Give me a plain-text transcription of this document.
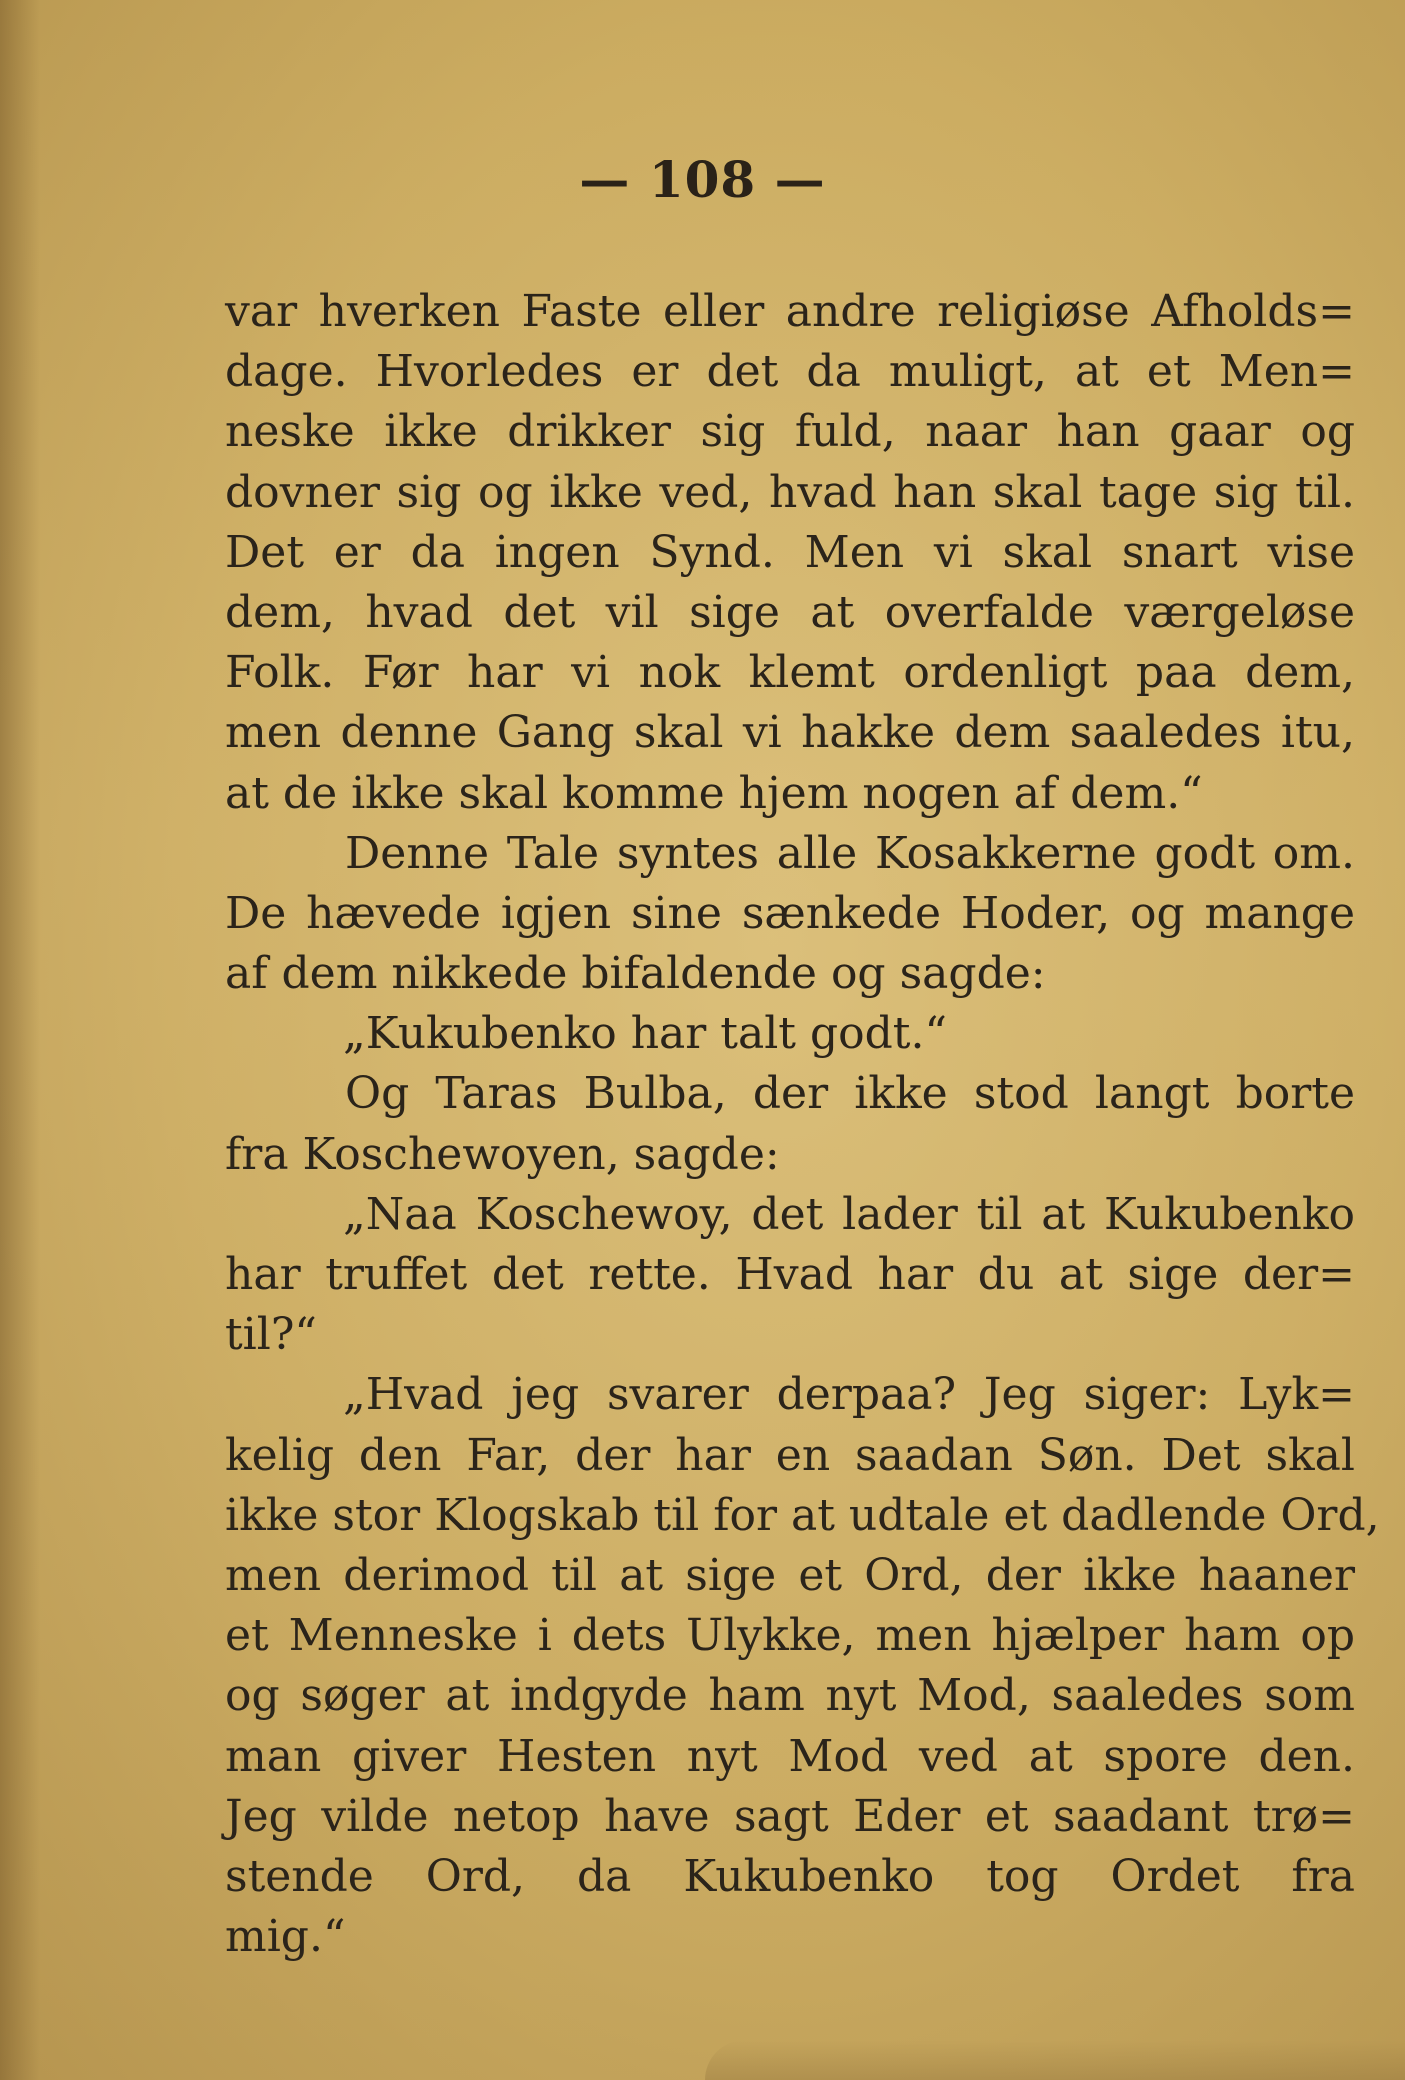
— 108 —
var hverken Faste eller andre religiøse Afholds=
dage. Hvorledes er det da muligt, at et Men=
neske ikke drikker sig fuld, naar han gaar og
dovner sig og ikke ved, hvad han skal tage sig til.
Det er da ingen Synd. Men vi skal snart vise
dem, hvad det vil sige at overfalde værgeløse
Folk. Før har vi nok klemt ordenligt paa dem,
men denne Gang skal vi hakke dem saaledes itu,
at de ikke skal komme hjem nogen af dem.“
Denne Tale syntes alle Kosakkerne godt om.
De hævede igjen sine sænkede Hoder, og mange
af dem nikkede bifaldende og sagde:
„Kukubenko har talt godt.“
Og Taras Bulba, der ikke stod langt borte
fra Koschewoyen, sagde:
„Naa Koschewoy, det lader til at Kukubenko
har truffet det rette. Hvad har du at sige der=
til?“
„Hvad jeg svarer derpaa? Jeg siger: Lyk=
kelig den Far, der har en saadan Søn. Det skal
ikke stor Klogskab til for at udtale et dadlende Ord,
men derimod til at sige et Ord, der ikke haaner
et Menneske i dets Ulykke, men hjælper ham op
og søger at indgyde ham nyt Mod, saaledes som
man giver Hesten nyt Mod ved at spore den.
Jeg vilde netop have sagt Eder et saadant trø=
stende Ord, da Kukubenko tog Ordet fra
mig.“
